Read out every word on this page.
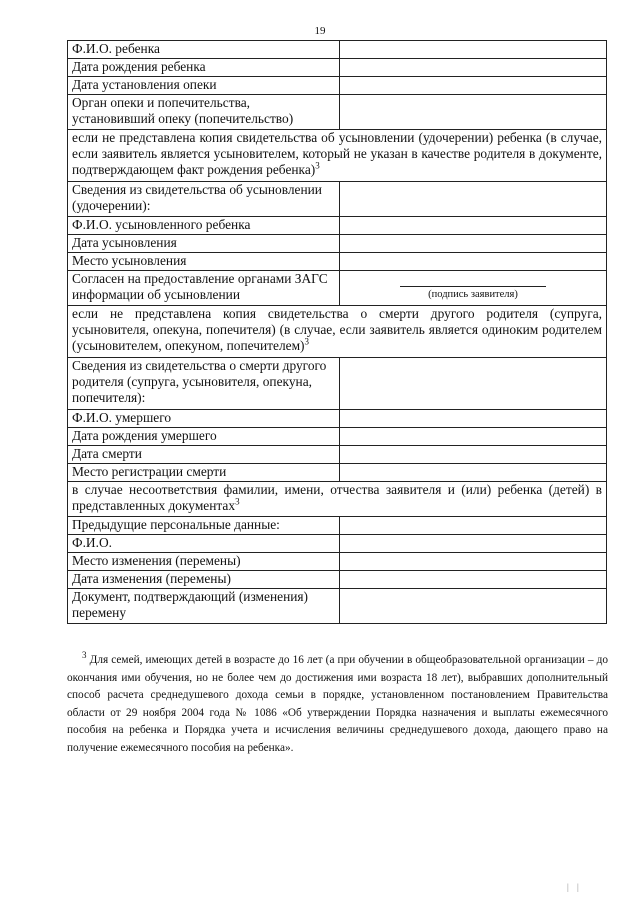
19
Ф.И.О. ребенка	
Дата рождения ребенка	
Дата установления опеки	
Орган опеки и попечительства, установивший опеку (попечительство)	
если не представлена копия свидетельства об усыновлении (удочерении) ребенка (в случае, если заявитель является усыновителем, который не указан в качестве родителя в документе, подтверждающем факт рождения ребенка)$^3$
Сведения из свидетельства об усыновлении (удочерении):	
Ф.И.О. усыновленного ребенка	
Дата усыновления	
Место усыновления	
Согласен на предоставление органами ЗАГС информации об усыновлении	(подпись заявителя)

если не представлена копия свидетельства о смерти другого родителя (супруга, усыновителя, опекуна, попечителя) (в случае, если заявитель является одиноким родителем (усыновителем, опекуном, попечителем)$^3$
Сведения из свидетельства о смерти другого родителя (супруга, усыновителя, опекуна, попечителя):	
Ф.И.О. умершего	
Дата рождения умершего	
Дата смерти	
Место регистрации смерти	
в случае несоответствия фамилии, имени, отчества заявителя и (или) ребенка (детей) в представленных документах$^3$
Предыдущие персональные данные:	
Ф.И.О.	
Место изменения (перемены)	
Дата изменения (перемены)	
Документ, подтверждающий (изменения) перемену	

$^3$ Для семей, имеющих детей в возрасте до 16 лет (а при обучении в общеобразовательной организации – до окончания ими обучения, но не более чем до достижения ими возраста 18 лет), выбравших дополнительный способ расчета среднедушевого дохода семьи в порядке, установленном постановлением Правительства области от 29 ноября 2004 года № 1086 «Об утверждении Порядка назначения и выплаты ежемесячного пособия на ребенка и Порядка учета и исчисления величины среднедушевого дохода, дающего право на получение ежемесячного пособия на ребенка».

| |
